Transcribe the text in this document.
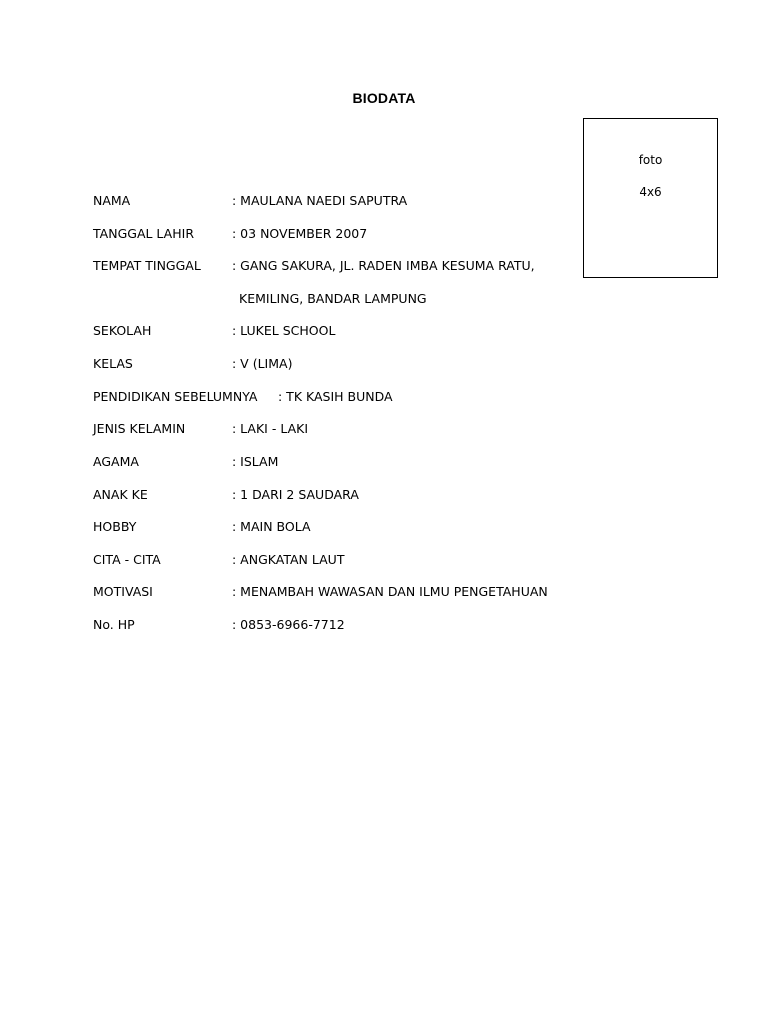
BIODATA
foto
4x6
NAMA	: MAULANA NAEDI SAPUTRA
TANGGAL LAHIR	: 03 NOVEMBER 2007
TEMPAT TINGGAL : GANG SAKURA, JL. RADEN IMBA KESUMA RATU,
KEMILING, BANDAR LAMPUNG
SEKOLAH	: LUKEL SCHOOL
KELAS	: V (LIMA)
PENDIDIKAN SEBELUMNYA : TK KASIH BUNDA
JENIS KELAMIN	: LAKI - LAKI
AGAMA	: ISLAM
ANAK KE	: 1 DARI 2 SAUDARA
HOBBY	: MAIN BOLA
CITA - CITA	: ANGKATAN LAUT
MOTIVASI	: MENAMBAH WAWASAN DAN ILMU PENGETAHUAN
No. HP	: 0853-6966-7712
